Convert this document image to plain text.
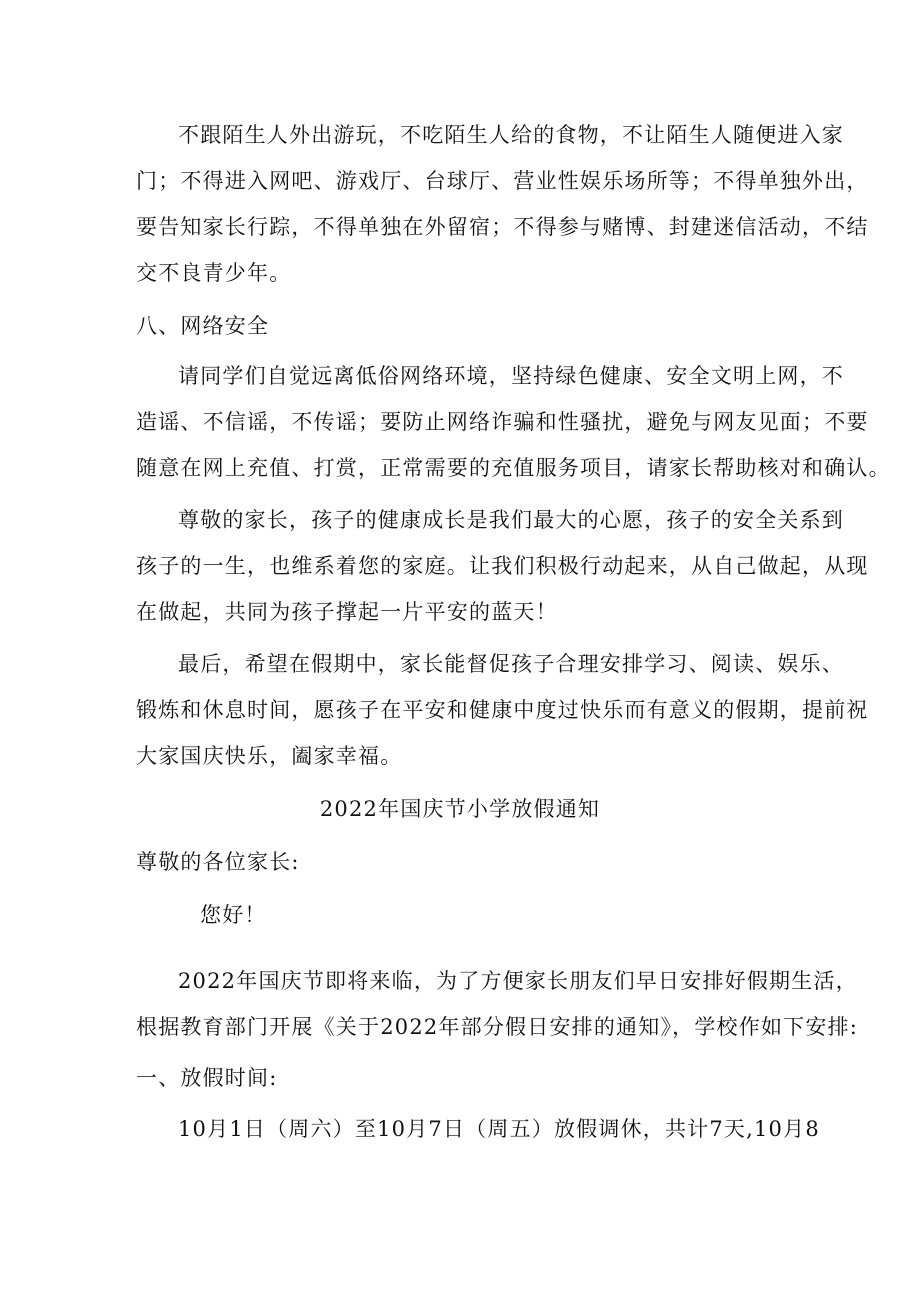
不跟陌生人外出游玩，不吃陌生人给的食物，不让陌生人随便进入家
门；不得进入网吧、游戏厅、台球厅、营业性娱乐场所等；不得单独外出，
要告知家长行踪，不得单独在外留宿；不得参与赌博、封建迷信活动，不结
交不良青少年。
八、网络安全
请同学们自觉远离低俗网络环境，坚持绿色健康、安全文明上网，不
造谣、不信谣，不传谣；要防止网络诈骗和性骚扰，避免与网友见面；不要
随意在网上充值、打赏，正常需要的充值服务项目，请家长帮助核对和确认。
尊敬的家长，孩子的健康成长是我们最大的心愿，孩子的安全关系到
孩子的一生，也维系着您的家庭。让我们积极行动起来，从自己做起，从现
在做起，共同为孩子撑起一片平安的蓝天！
最后，希望在假期中，家长能督促孩子合理安排学习、阅读、娱乐、
锻炼和休息时间，愿孩子在平安和健康中度过快乐而有意义的假期，提前祝
大家国庆快乐，阖家幸福。
2022年国庆节小学放假通知
尊敬的各位家长:
您好！
2022年国庆节即将来临，为了方便家长朋友们早日安排好假期生活，
根据教育部门开展《关于2022年部分假日安排的通知》，学校作如下安排:
一、放假时间:
10月1日（周六）至10月7日（周五）放假调休，共计7天,10月8
